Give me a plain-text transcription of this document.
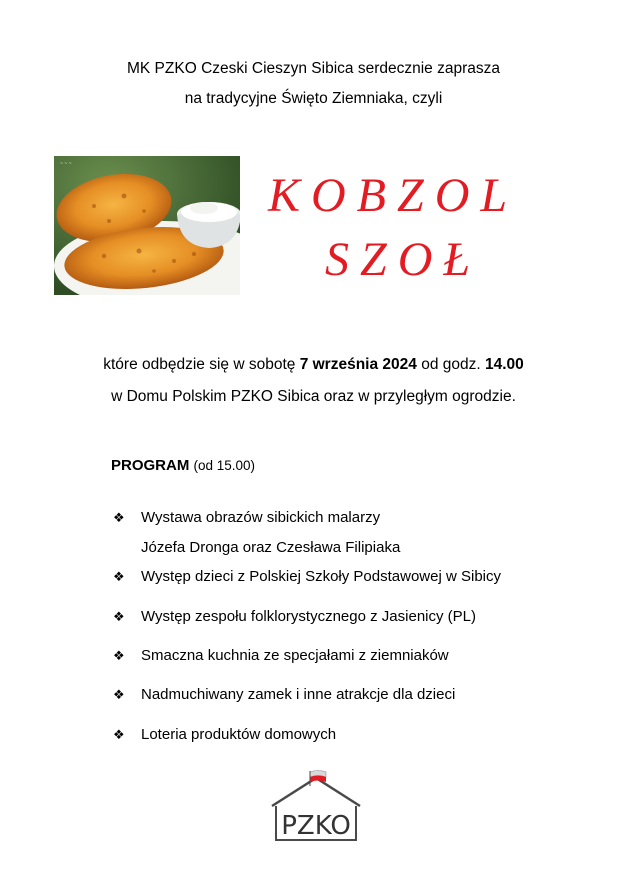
MK PZKO Czeski Cieszyn Sibica serdecznie zaprasza
na tradycyjne Święto Ziemniaka, czyli
~ ~ ~
KOBZOL
SZOŁ
które odbędzie się w sobotę 7 września 2024 od godz. 14.00
w Domu Polskim PZKO Sibica oraz w przyległym ogrodzie.
PROGRAM (od 15.00)
❖ Wystawa obrazów sibickich malarzy
Józefa Dronga oraz Czesława Filipiaka
❖ Występ dzieci z Polskiej Szkoły Podstawowej w Sibicy
❖ Występ zespołu folklorystycznego z Jasienicy (PL)
❖ Smaczna kuchnia ze specjałami z ziemniaków
❖ Nadmuchiwany zamek i inne atrakcje dla dzieci
❖ Loteria produktów domowych
PZKO
